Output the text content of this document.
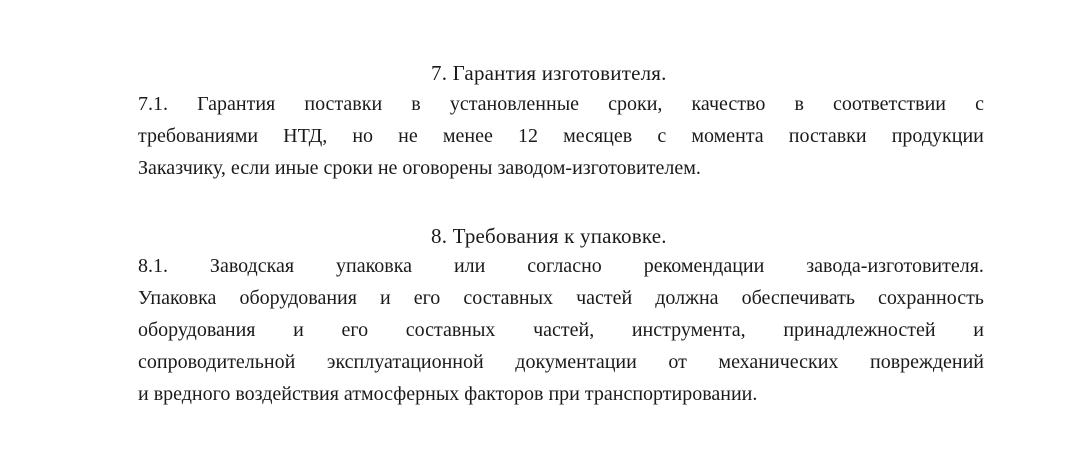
7. Гарантия изготовителя.
7.1. Гарантия поставки в установленные сроки, качество в соответствии с
требованиями НТД, но не менее 12 месяцев с момента поставки продукции
Заказчику, если иные сроки не оговорены заводом-изготовителем.
8. Требования к упаковке.
8.1. Заводская упаковка или согласно рекомендации завода-изготовителя.
Упаковка оборудования и его составных частей должна обеспечивать сохранность
оборудования и его составных частей, инструмента, принадлежностей и
сопроводительной эксплуатационной документации от механических повреждений
и вредного воздействия атмосферных факторов при транспортировании.
